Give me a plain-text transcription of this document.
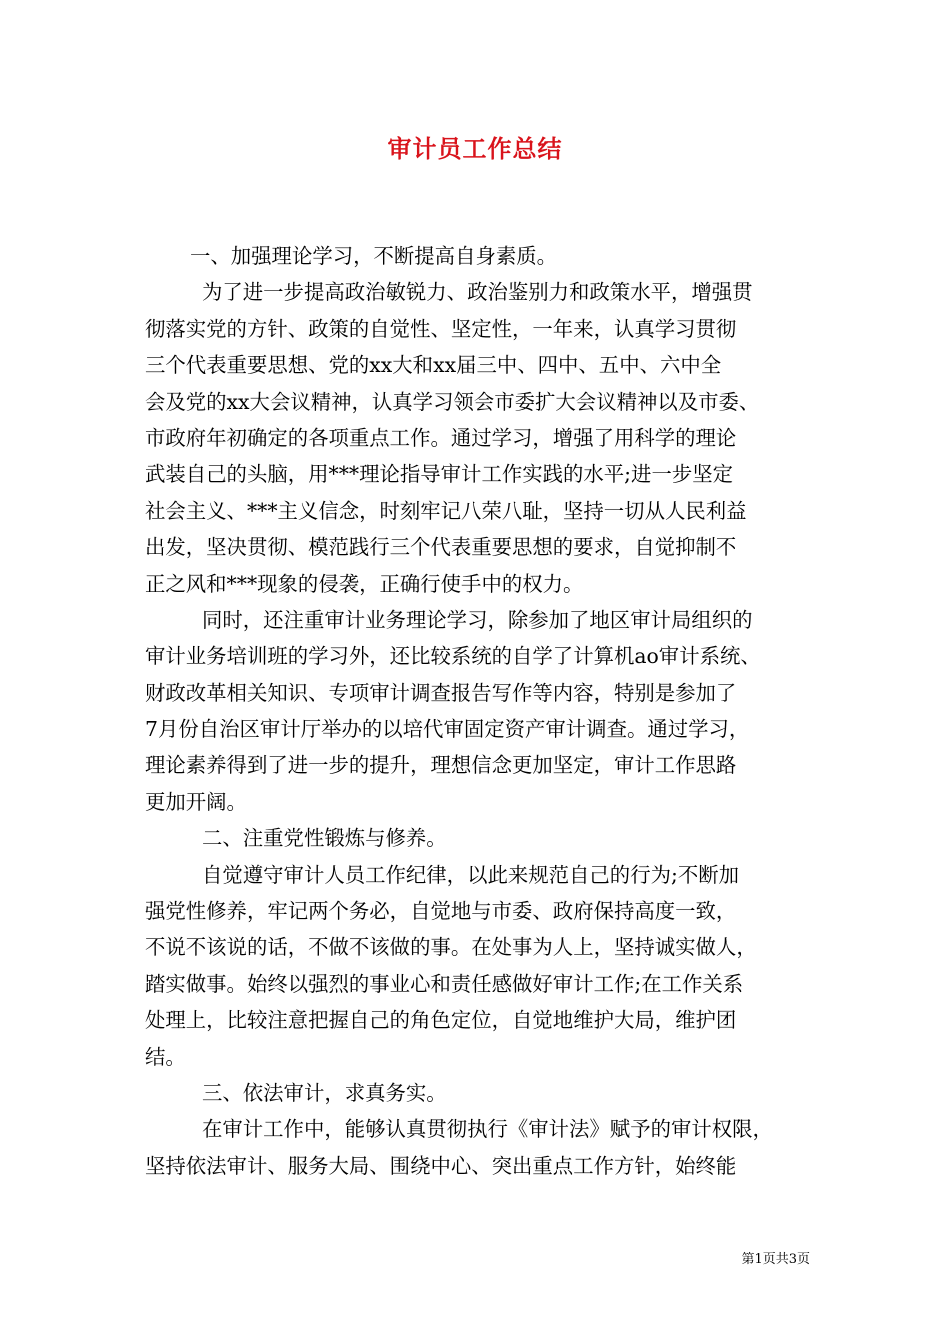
审计员工作总结
一、加强理论学习，不断提高自身素质。
为了进一步提高政治敏锐力、政治鉴别力和政策水平，增强贯
彻落实党的方针、政策的自觉性、坚定性，一年来，认真学习贯彻
三个代表重要思想、党的xx大和xx届三中、四中、五中、六中全
会及党的xx大会议精神，认真学习领会市委扩大会议精神以及市委、
市政府年初确定的各项重点工作。通过学习，增强了用科学的理论
武装自己的头脑，用***理论指导审计工作实践的水平;进一步坚定
社会主义、***主义信念，时刻牢记八荣八耻，坚持一切从人民利益
出发，坚决贯彻、模范践行三个代表重要思想的要求，自觉抑制不
正之风和***现象的侵袭，正确行使手中的权力。
同时，还注重审计业务理论学习，除参加了地区审计局组织的
审计业务培训班的学习外，还比较系统的自学了计算机ao审计系统、
财政改革相关知识、专项审计调查报告写作等内容，特别是参加了
7月份自治区审计厅举办的以培代审固定资产审计调查。通过学习，
理论素养得到了进一步的提升，理想信念更加坚定，审计工作思路
更加开阔。
二、注重党性锻炼与修养。
自觉遵守审计人员工作纪律，以此来规范自己的行为;不断加
强党性修养，牢记两个务必，自觉地与市委、政府保持高度一致，
不说不该说的话，不做不该做的事。在处事为人上，坚持诚实做人，
踏实做事。始终以强烈的事业心和责任感做好审计工作;在工作关系
处理上，比较注意把握自己的角色定位，自觉地维护大局，维护团
结。
三、依法审计，求真务实。
在审计工作中，能够认真贯彻执行《审计法》赋予的审计权限，
坚持依法审计、服务大局、围绕中心、突出重点工作方针，始终能
第1页共3页
